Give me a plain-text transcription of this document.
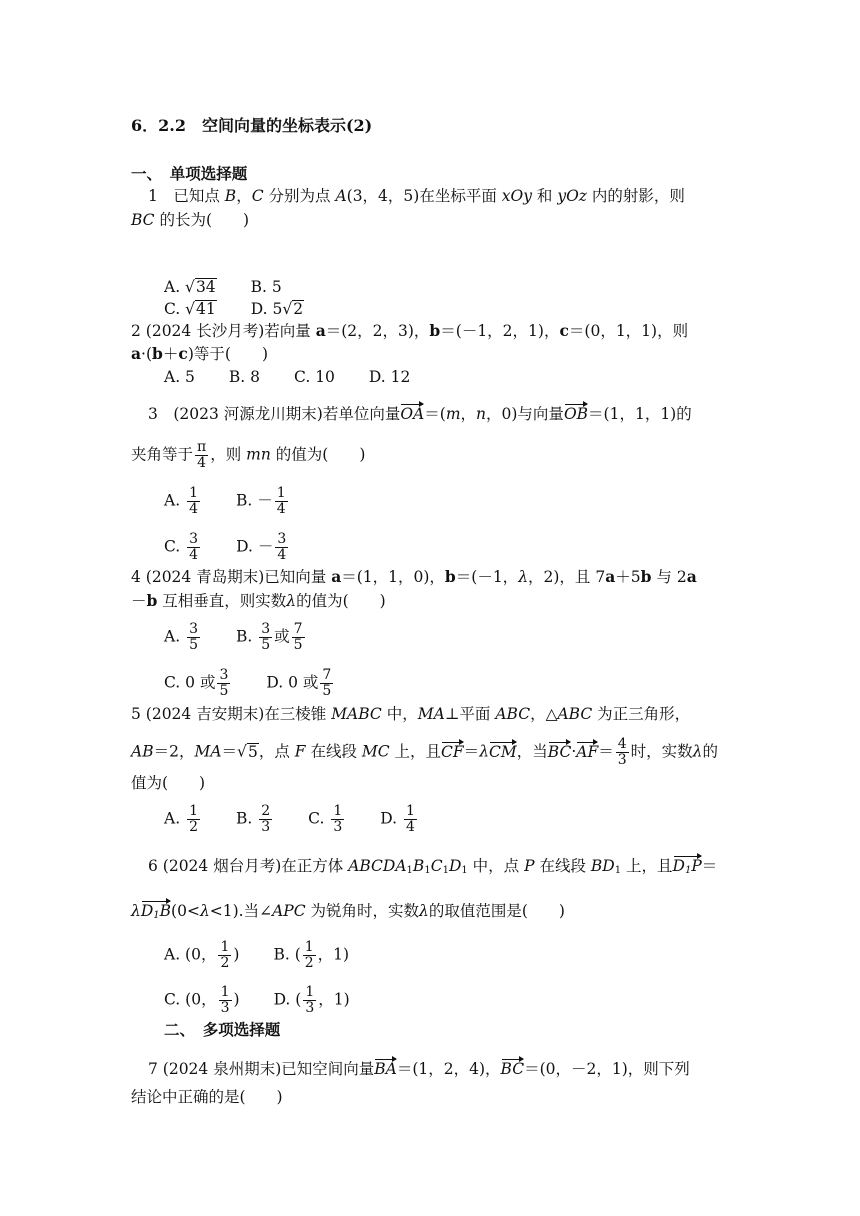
6．2.2　空间向量的坐标表示(2)
一、　单项选择题
1　已知点 B，C 分别为点 A(3，4，5)在坐标平面 xOy 和 yOz 内的射影，则
BC 的长为(　　)
A. √34 B. 5
C. √41 D. 5√2
2 (2024 长沙月考)若向量 a＝(2，2，3)，b＝(－1，2，1)，c＝(0，1，1)，则
a·(b＋c)等于(　　)
A. 5 B. 8 C. 10 D. 12
3　(2023 河源龙川期末)若单位向量OA＝(m，n，0)与向量OB＝(1，1，1)的
夹角等于 $\frac{\pi}{4}$ ，则 mn 的值为(　　)
A. $\frac{1}{4} B$. － $\frac{1}{4}$
C. $\frac{3}{4} D$. － $\frac{3}{4}$
4 (2024 青岛期末)已知向量 a＝(1，1，0)，b＝(－1，λ，2)，且 7a＋5b 与 2a
－b 互相垂直，则实数λ的值为(　　)
A. $\frac{3}{5} B$. $\frac{3}{5}$ 或 $\frac{7}{5}$
C. 0 或 $\frac{3}{5} D$. 0 或 $\frac{7}{5}$
5 (2024 吉安期末)在三棱锥 MABC 中，MA⊥平面 ABC，△ABC 为正三角形，
AB＝2，MA＝√5，点 F 在线段 MC 上，且CF＝λCM，当$BC\cdot AF= \frac{4}{3}$ 时，实数λ的
值为(　　)
A. $\frac{1}{2} B$. $\frac{2}{3} C$. $\frac{1}{3} D$. $\frac{1}{4}$
6 (2024 烟台月考)在正方体 $ABCDA_1B_1C_1D_1$ 中，点 P 在线段 $BD_1$ 上，且$D_1P=$
$\lambda D_1B(0<\lambda<1)$.当∠APC 为锐角时，实数λ的取值范围是(　　)
A. (0， $\frac{1}{2}$ ) B. ( $\frac{1}{2}$ ，1)
C. (0， $\frac{1}{3}$ ) D. ( $\frac{1}{3}$ ，1)
二、　多项选择题
7 (2024 泉州期末)已知空间向量BA＝(1，2，4)，BC＝(0，－2，1)，则下列
结论中正确的是(　　)
